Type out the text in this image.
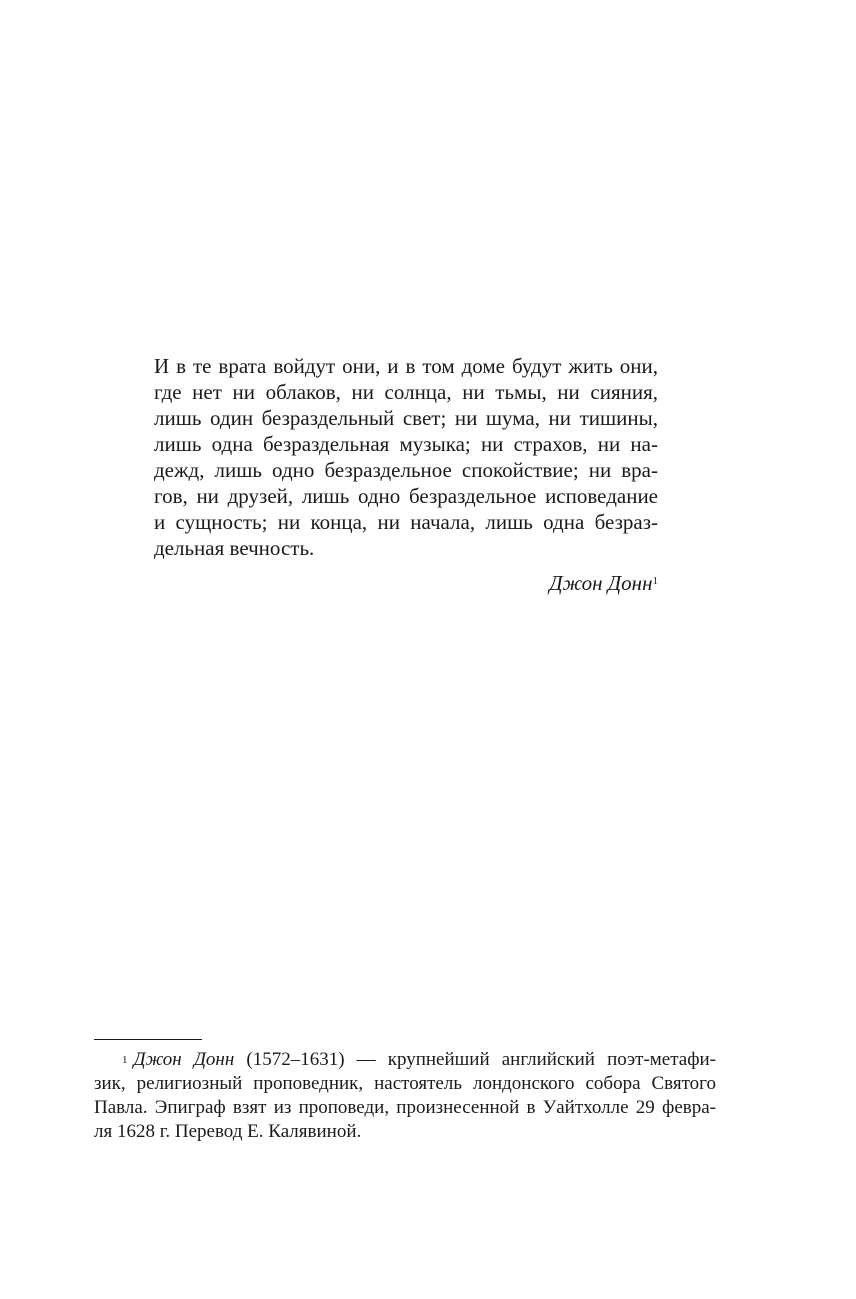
И в те врата войдут они, и в том доме будут жить они,
где нет ни облаков, ни солнца, ни тьмы, ни сияния,
лишь один безраздельный свет; ни шума, ни тишины,
лишь одна безраздельная музыка; ни страхов, ни на-
дежд, лишь одно безраздельное спокойствие; ни вра-
гов, ни друзей, лишь одно безраздельное исповедание
и сущность; ни конца, ни начала, лишь одна безраз-
дельная вечность.
Джон Донн$^1$
$^1$ Джон Донн (1572–1631) — крупнейший английский поэт-метафи-
зик, религиозный проповедник, настоятель лондонского собора Святого
Павла. Эпиграф взят из проповеди, произнесенной в Уайтхолле 29 февра-
ля 1628 г. Перевод Е. Калявиной.
